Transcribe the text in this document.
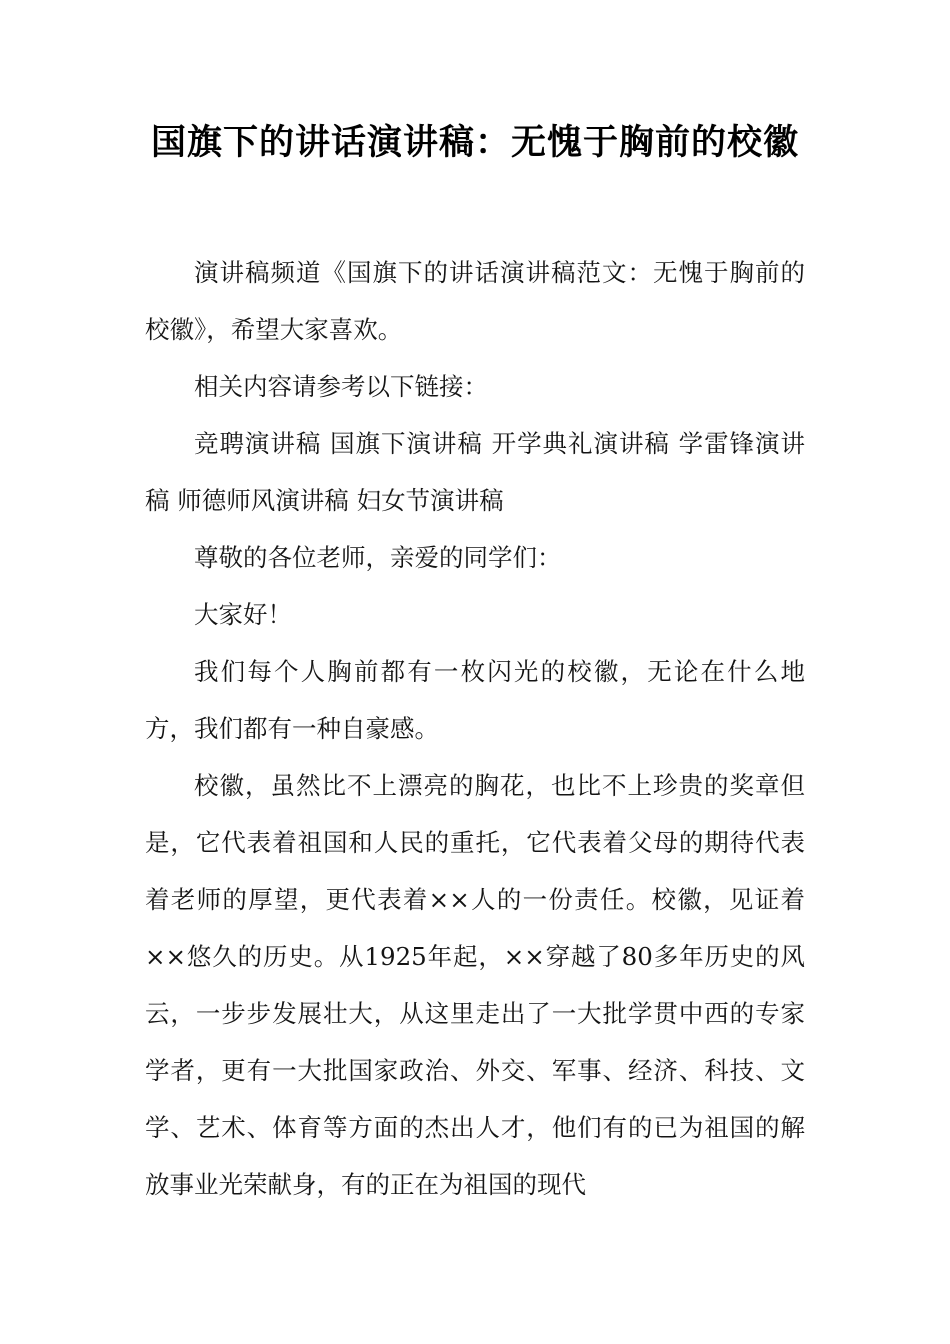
国旗下的讲话演讲稿：无愧于胸前的校徽

演讲稿频道《国旗下的讲话演讲稿范文：无愧于胸前的校徽》，希望大家喜欢。

相关内容请参考以下链接：

竞聘演讲稿 国旗下演讲稿 开学典礼演讲稿 学雷锋演讲稿 师德师风演讲稿 妇女节演讲稿

尊敬的各位老师，亲爱的同学们：

大家好！

我们每个人胸前都有一枚闪光的校徽，无论在什么地方，我们都有一种自豪感。

校徽，虽然比不上漂亮的胸花，也比不上珍贵的奖章但是，它代表着祖国和人民的重托，它代表着父母的期待代表着老师的厚望，更代表着××人的一份责任。校徽，见证着××悠久的历史。从1925年起，××穿越了80多年历史的风云，一步步发展壮大，从这里走出了一大批学贯中西的专家学者，更有一大批国家政治、外交、军事、经济、科技、文学、艺术、体育等方面的杰出人才，他们有的已为祖国的解放事业光荣献身，有的正在为祖国的现代
